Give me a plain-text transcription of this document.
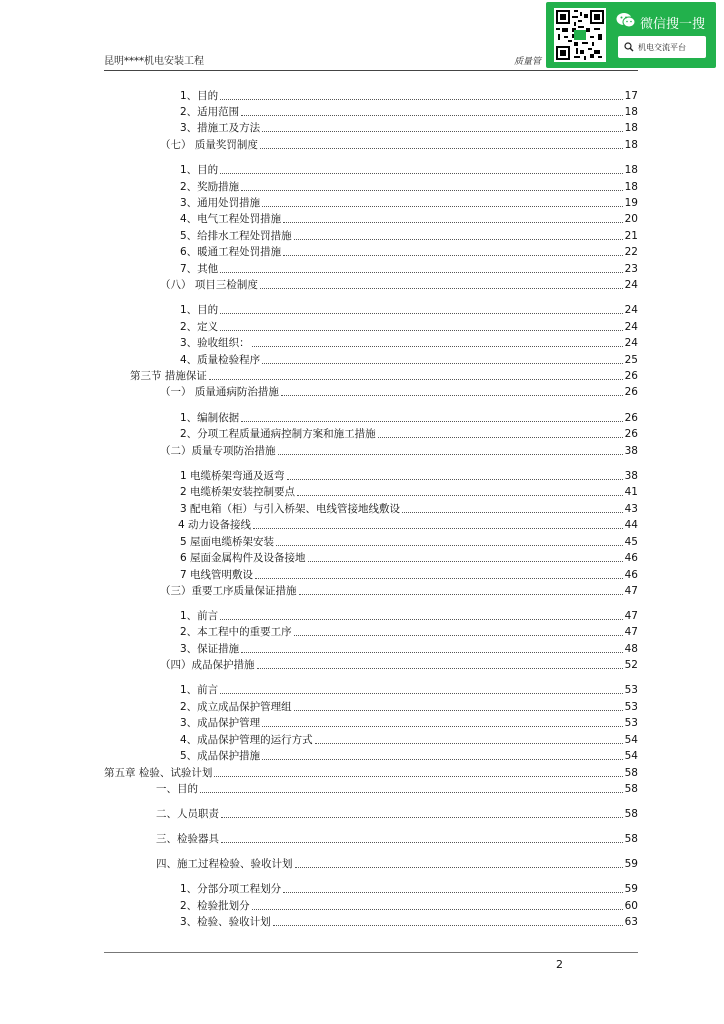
昆明****机电安装工程	质量管
微信搜一搜
机电交流平台
1、目的	17
2、适用范围	18
3、措施工及方法	18
（七） 质量奖罚制度	18
1、目的	18
2、奖励措施	18
3、通用处罚措施	19
4、电气工程处罚措施	20
5、给排水工程处罚措施	21
6、暖通工程处罚措施	22
7、其他	23
（八） 项目三检制度	24
1、目的	24
2、定义	24
3、验收组织：	24
4、质量检验程序	25
第三节 措施保证	26
（一） 质量通病防治措施	26
1、编制依据	26
2、分项工程质量通病控制方案和施工措施	26
（二）质量专项防治措施	38
1 电缆桥架弯通及返弯	38
2 电缆桥架安装控制要点	41
3 配电箱（柜）与引入桥架、电线管接地线敷设	43
4 动力设备接线	44
5 屋面电缆桥架安装	45
6 屋面金属构件及设备接地	46
7 电线管明敷设	46
（三）重要工序质量保证措施	47
1、前言	47
2、本工程中的重要工序	47
3、保证措施	48
（四）成品保护措施	52
1、前言	53
2、成立成品保护管理组	53
3、成品保护管理	53
4、成品保护管理的运行方式	54
5、成品保护措施	54
第五章 检验、试验计划	58
一、目的	58
二、人员职责	58
三、检验器具	58
四、施工过程检验、验收计划	59
1、分部分项工程划分	59
2、检验批划分	60
3、检验、验收计划	63
2
